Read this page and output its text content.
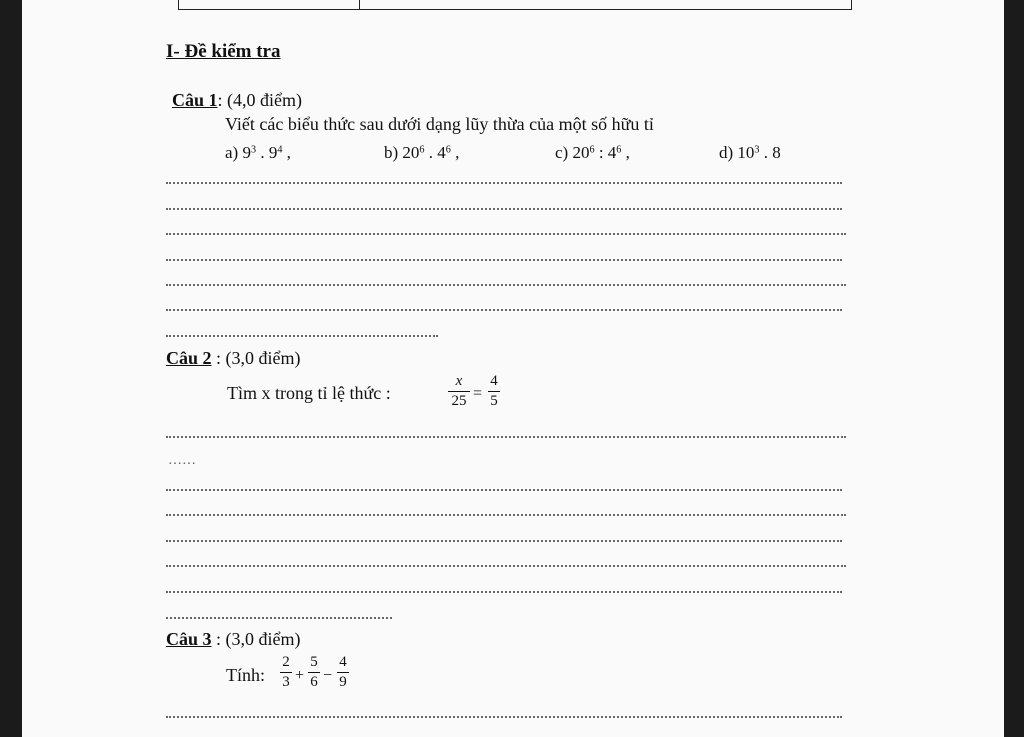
I- Đề kiểm tra
Câu 1: (4,0 điểm)
Viết các biểu thức sau dưới dạng lũy thừa của một số hữu tỉ
a) $9^3$ . $9^4$ ,	b) $20^6$ . $4^6$ ,	c) $20^6$ : $4^6$ ,	d) $10^3$ . 8
Câu 2 : (3,0 điểm)
Tìm x trong tỉ lệ thức :
x
25 =
4
5
……
Câu 3 : (3,0 điểm)
Tính:
2
3 +
5
6 −
4
9
